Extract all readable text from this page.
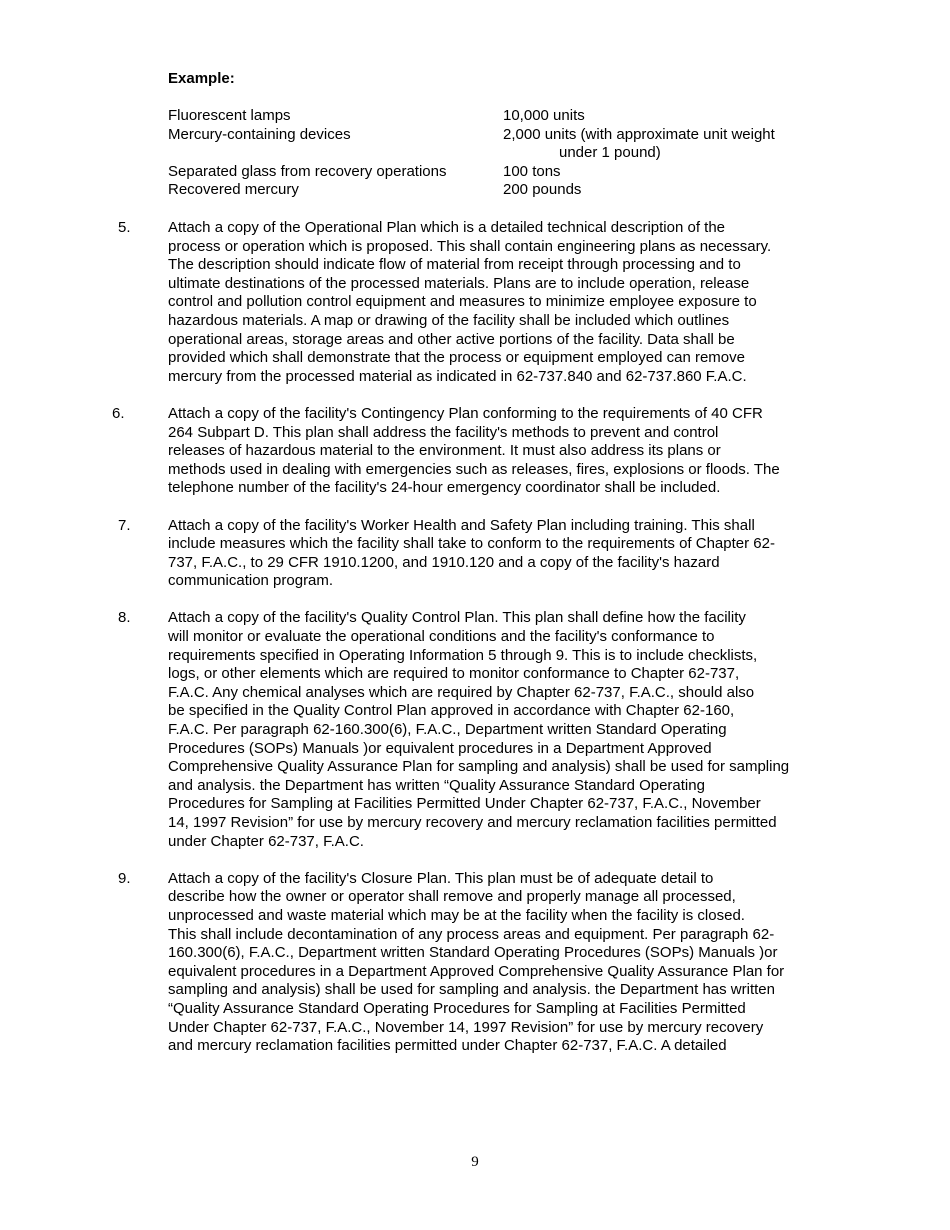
Example:
Fluorescent lamps	10,000 units
Mercury-containing devices	2,000 units (with approximate unit weight
under 1 pound)
Separated glass from recovery operations	100 tons
Recovered mercury	200 pounds
5. Attach a copy of the Operational Plan which is a detailed technical description of the
process or operation which is proposed. This shall contain engineering plans as necessary.
The description should indicate flow of material from receipt through processing and to
ultimate destinations of the processed materials. Plans are to include operation, release
control and pollution control equipment and measures to minimize employee exposure to
hazardous materials. A map or drawing of the facility shall be included which outlines
operational areas, storage areas and other active portions of the facility. Data shall be
provided which shall demonstrate that the process or equipment employed can remove
mercury from the processed material as indicated in 62-737.840 and 62-737.860 F.A.C.
6.	Attach a copy of the facility's Contingency Plan conforming to the requirements of 40 CFR
264 Subpart D. This plan shall address the facility's methods to prevent and control
releases of hazardous material to the environment. It must also address its plans or
methods used in dealing with emergencies such as releases, fires, explosions or floods. The
telephone number of the facility's 24-hour emergency coordinator shall be included.
7. Attach a copy of the facility's Worker Health and Safety Plan including training. This shall
include measures which the facility shall take to conform to the requirements of Chapter 62-
737, F.A.C., to 29 CFR 1910.1200, and 1910.120 and a copy of the facility's hazard
communication program.
8. Attach a copy of the facility's Quality Control Plan. This plan shall define how the facility
will monitor or evaluate the operational conditions and the facility's conformance to
requirements specified in Operating Information 5 through 9. This is to include checklists,
logs, or other elements which are required to monitor conformance to Chapter 62-737,
F.A.C. Any chemical analyses which are required by Chapter 62-737, F.A.C., should also
be specified in the Quality Control Plan approved in accordance with Chapter 62-160,
F.A.C. Per paragraph 62-160.300(6), F.A.C., Department written Standard Operating
Procedures (SOPs) Manuals )or equivalent procedures in a Department Approved
Comprehensive Quality Assurance Plan for sampling and analysis) shall be used for sampling
and analysis. the Department has written “Quality Assurance Standard Operating
Procedures for Sampling at Facilities Permitted Under Chapter 62-737, F.A.C., November
14, 1997 Revision” for use by mercury recovery and mercury reclamation facilities permitted
under Chapter 62-737, F.A.C.
9. Attach a copy of the facility's Closure Plan. This plan must be of adequate detail to
describe how the owner or operator shall remove and properly manage all processed,
unprocessed and waste material which may be at the facility when the facility is closed.
This shall include decontamination of any process areas and equipment. Per paragraph 62-
160.300(6), F.A.C., Department written Standard Operating Procedures (SOPs) Manuals )or
equivalent procedures in a Department Approved Comprehensive Quality Assurance Plan for
sampling and analysis) shall be used for sampling and analysis. the Department has written
“Quality Assurance Standard Operating Procedures for Sampling at Facilities Permitted
Under Chapter 62-737, F.A.C., November 14, 1997 Revision” for use by mercury recovery
and mercury reclamation facilities permitted under Chapter 62-737, F.A.C. A detailed
9
